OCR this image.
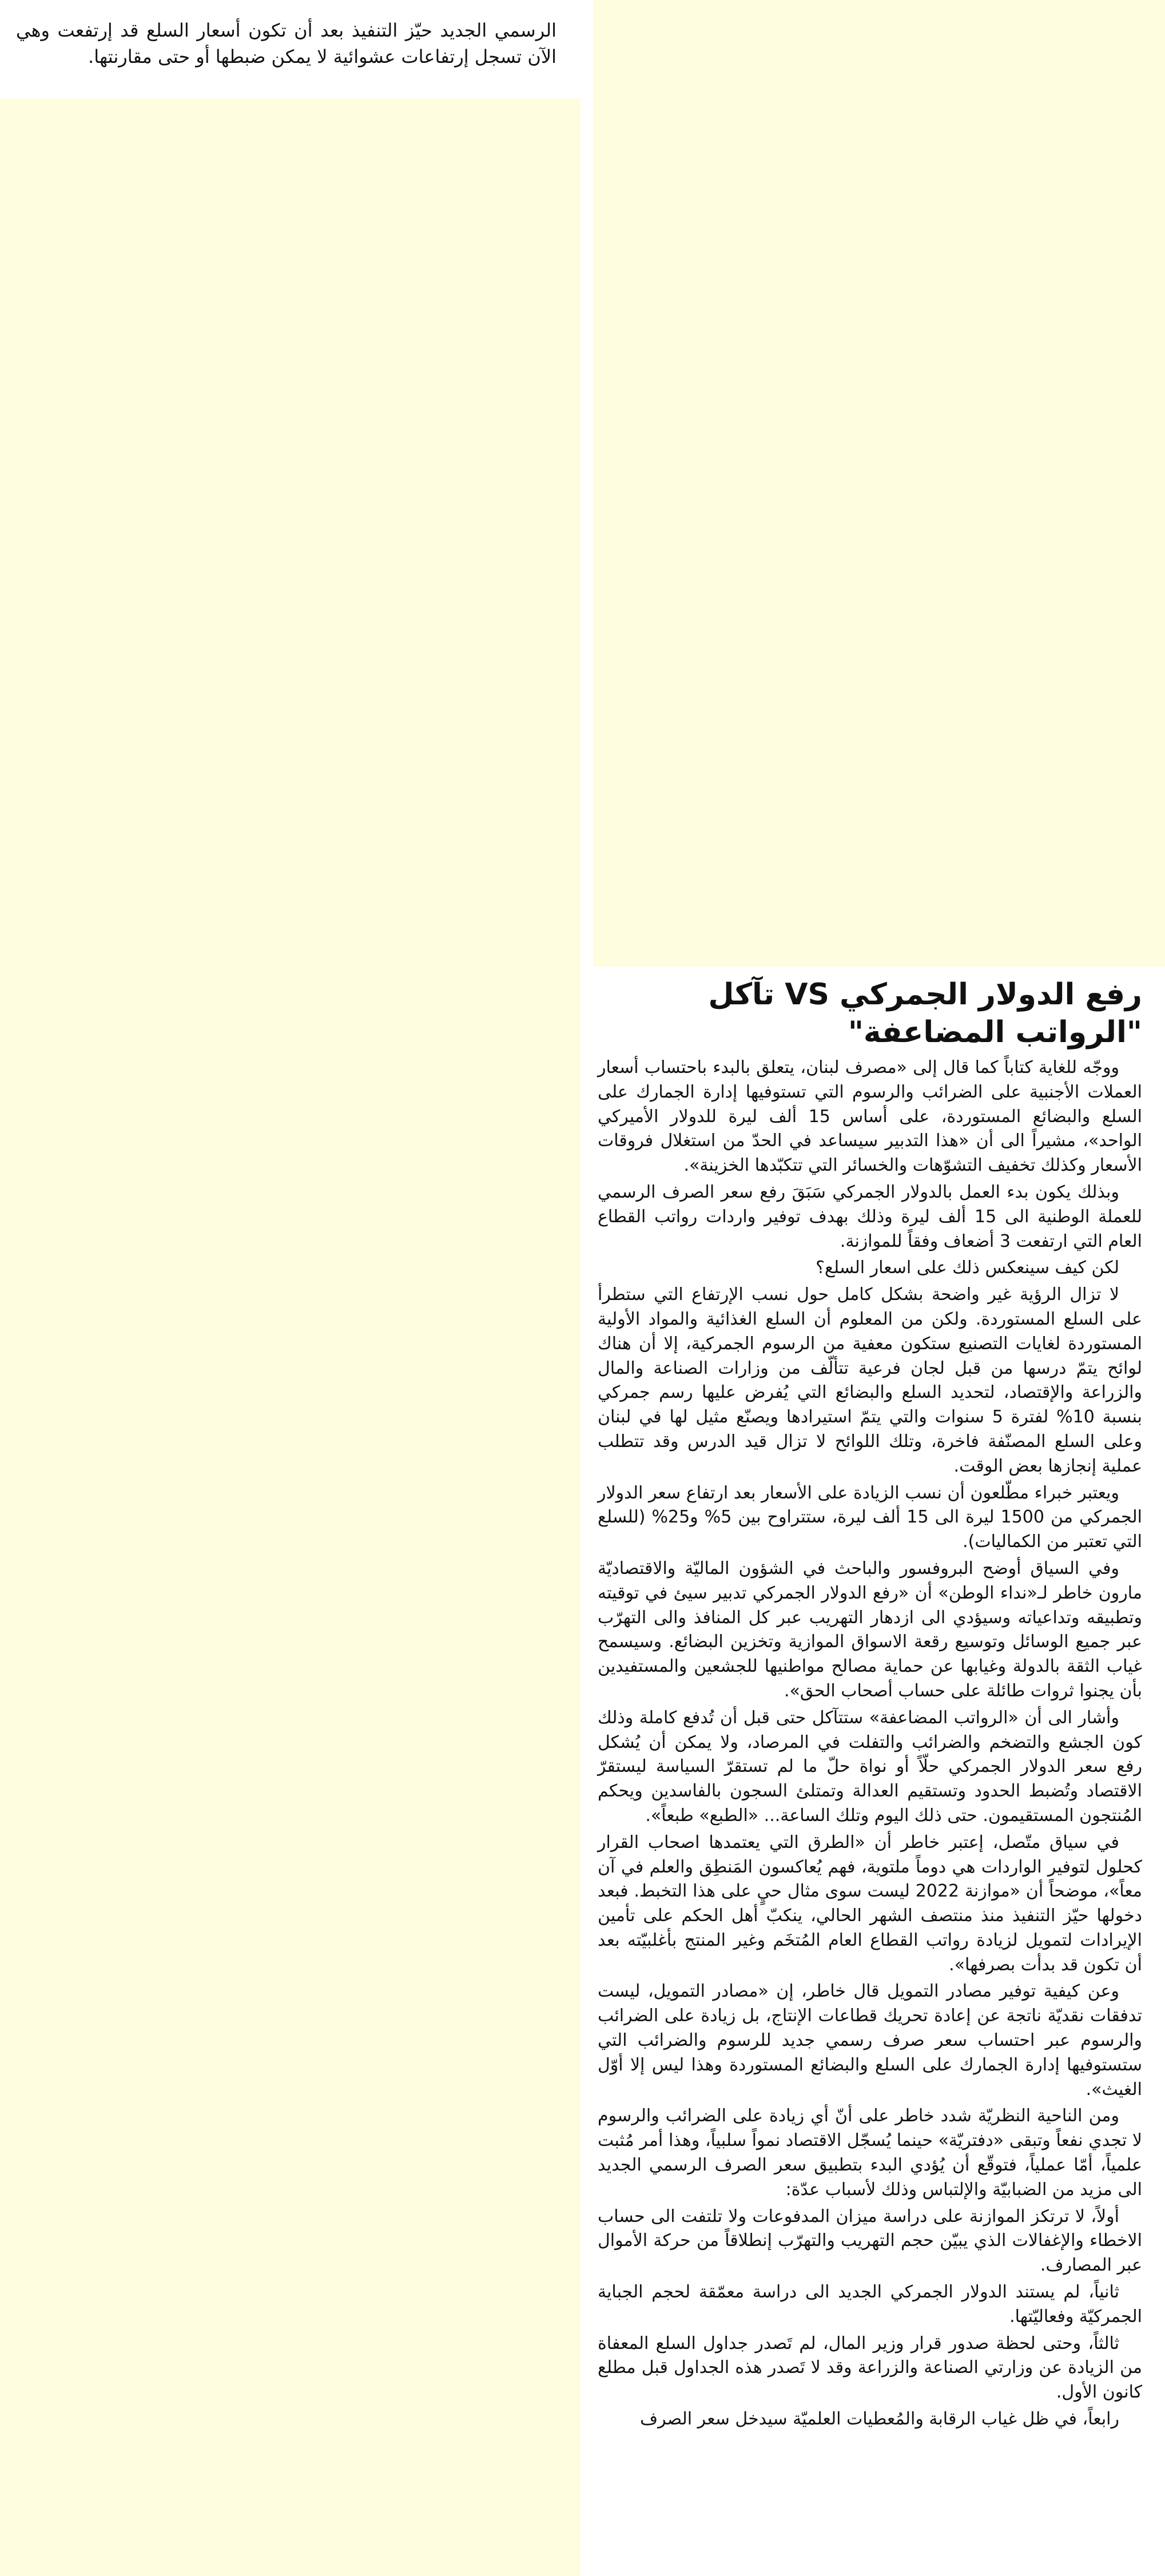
الرسمي الجديد حيّز التنفيذ بعد أن تكون أسعار السلع قد إرتفعت وهي الآن تسجل إرتفاعات عشوائية لا يمكن ضبطها أو حتى مقارنتها.

رفع الدولار الجمركي VS تآكل "الرواتب المضاعفة"

ووجّه للغاية كتاباً كما قال إلى «مصرف لبنان، يتعلق بالبدء باحتساب أسعار العملات الأجنبية على الضرائب والرسوم التي تستوفيها إدارة الجمارك على السلع والبضائع المستوردة، على أساس 15 ألف ليرة للدولار الأميركي الواحد»، مشيراً الى أن «هذا التدبير سيساعد في الحدّ من استغلال فروقات الأسعار وكذلك تخفيف التشوّهات والخسائر التي تتكبّدها الخزينة».

وبذلك يكون بدء العمل بالدولار الجمركي سَبَقَ رفع سعر الصرف الرسمي للعملة الوطنية الى 15 ألف ليرة وذلك بهدف توفير واردات رواتب القطاع العام التي ارتفعت 3 أضعاف وفقاً للموازنة.

لكن كيف سينعكس ذلك على اسعار السلع؟

لا تزال الرؤية غير واضحة بشكل كامل حول نسب الإرتفاع التي ستطرأ على السلع المستوردة. ولكن من المعلوم أن السلع الغذائية والمواد الأولية المستوردة لغايات التصنيع ستكون معفية من الرسوم الجمركية، إلا أن هناك لوائح يتمّ درسها من قبل لجان فرعية تتألّف من وزارات الصناعة والمال والزراعة والإقتصاد، لتحديد السلع والبضائع التي يُفرض عليها رسم جمركي بنسبة 10% لفترة 5 سنوات والتي يتمّ استيرادها ويصنّع مثيل لها في لبنان وعلى السلع المصنّفة فاخرة، وتلك اللوائح لا تزال قيد الدرس وقد تتطلب عملية إنجازها بعض الوقت.

ويعتبر خبراء مطّلعون أن نسب الزيادة على الأسعار بعد ارتفاع سعر الدولار الجمركي من 1500 ليرة الى 15 ألف ليرة، ستتراوح بين 5% و25% (للسلع التي تعتبر من الكماليات).

وفي السياق أوضح البروفسور والباحث في الشؤون الماليّة والاقتصاديّة مارون خاطر لـ«نداء الوطن» أن «رفع الدولار الجمركي تدبير سيئ في توقيته وتطبيقه وتداعياته وسيؤدي الى ازدهار التهريب عبر كل المنافذ والى التهرّب عبر جميع الوسائل وتوسيع رقعة الاسواق الموازية وتخزين البضائع. وسيسمح غياب الثقة بالدولة وغيابها عن حماية مصالح مواطنيها للجشعين والمستفيدين بأن يجنوا ثروات طائلة على حساب أصحاب الحق».

وأشار الى أن «الرواتب المضاعفة» ستتآكل حتى قبل أن تُدفع كاملة وذلك كون الجشع والتضخم والضرائب والتفلت في المرصاد، ولا يمكن أن يُشكل رفع سعر الدولار الجمركي حلّاً أو نواة حلّ ما لم تستقرّ السياسة ليستقرّ الاقتصاد وتُضبط الحدود وتستقيم العدالة وتمتلئ السجون بالفاسدين ويحكم المُنتجون المستقيمون. حتى ذلك اليوم وتلك الساعة... «الطبع» طبعاً».

في سياق متّصل، إعتبر خاطر أن «الطرق التي يعتمدها اصحاب القرار كحلول لتوفير الواردات هي دوماً ملتوية، فهم يُعاكسون المَنطِق والعلم في آن معاً»، موضحاً أن «موازنة 2022 ليست سوى مثال حيٍ على هذا التخبط. فبعد دخولها حيّز التنفيذ منذ منتصف الشهر الحالي، ينكبّ أهل الحكم على تأمين الإيرادات لتمويل لزيادة رواتب القطاع العام المُتخَم وغير المنتج بأغلبيّته بعد أن تكون قد بدأت بصرفها».

وعن كيفية توفير مصادر التمويل قال خاطر، إن «مصادر التمويل، ليست تدفقات نقديّة ناتجة عن إعادة تحريك قطاعات الإنتاج، بل زيادة على الضرائب والرسوم عبر احتساب سعر صرف رسمي جديد للرسوم والضرائب التي ستستوفيها إدارة الجمارك على السلع والبضائع المستوردة وهذا ليس إلا أوّل الغيث».

ومن الناحية النظريّة شدد خاطر على أنّ أي زيادة على الضرائب والرسوم لا تجدي نفعاً وتبقى «دفتريّة» حينما يُسجّل الاقتصاد نمواً سلبياً، وهذا أمر مُثبت علمياً، أمّا عملياً، فتوقّع أن يُؤدي البدء بتطبيق سعر الصرف الرسمي الجديد الى مزيد من الضبابيّة والإلتباس وذلك لأسباب عدّة:

أولاً، لا ترتكز الموازنة على دراسة ميزان المدفوعات ولا تلتفت الى حساب الاخطاء والإغفالات الذي يبيّن حجم التهريب والتهرّب إنطلاقاً من حركة الأموال عبر المصارف.

ثانياً، لم يستند الدولار الجمركي الجديد الى دراسة معمّقة لحجم الجباية الجمركيّة وفعاليّتها.

ثالثاً، وحتى لحظة صدور قرار وزير المال، لم تَصدر جداول السلع المعفاة من الزيادة عن وزارتي الصناعة والزراعة وقد لا تَصدر هذه الجداول قبل مطلع كانون الأول.

رابعاً، في ظل غياب الرقابة والمُعطيات العلميّة سيدخل سعر الصرف
